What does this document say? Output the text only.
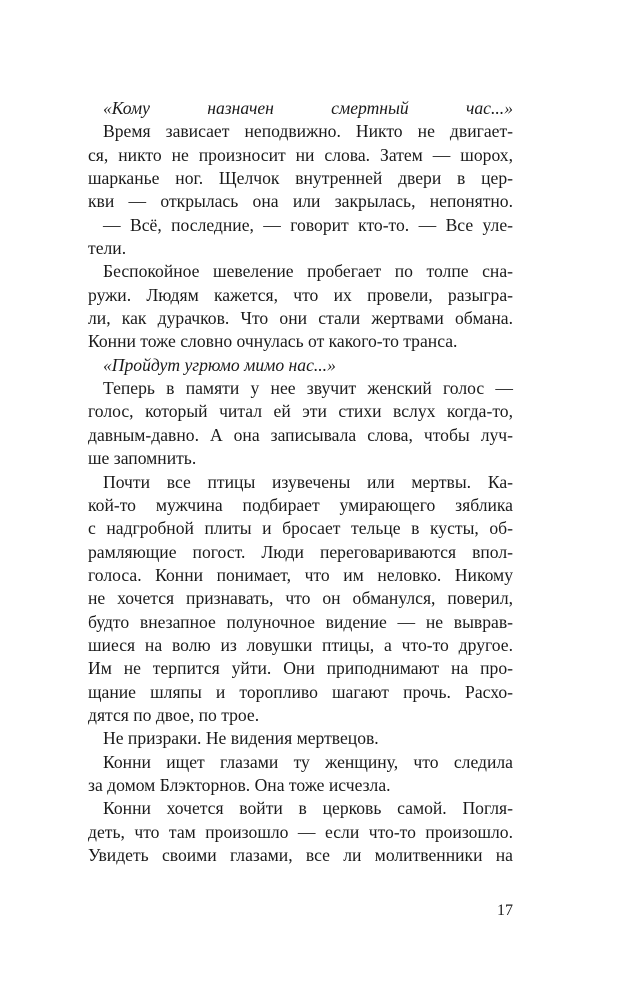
«Кому назначен смертный час...»
Время зависает неподвижно. Никто не двигает-
ся, никто не произносит ни слова. Затем — шорох,
шарканье ног. Щелчок внутренней двери в цер-
кви — открылась она или закрылась, непонятно.
— Всё, последние, — говорит кто-то. — Все уле-
тели.
Беспокойное шевеление пробегает по толпе сна-
ружи. Людям кажется, что их провели, разыгра-
ли, как дурачков. Что они стали жертвами обмана.
Конни тоже словно очнулась от какого-то транса.
«Пройдут угрюмо мимо нас...»
Теперь в памяти у нее звучит женский голос —
голос, который читал ей эти стихи вслух когда-то,
давным-давно. А она записывала слова, чтобы луч-
ше запомнить.
Почти все птицы изувечены или мертвы. Ка-
кой-то мужчина подбирает умирающего зяблика
с надгробной плиты и бросает тельце в кусты, об-
рамляющие погост. Люди переговариваются впол-
голоса. Конни понимает, что им неловко. Никому
не хочется признавать, что он обманулся, поверил,
будто внезапное полуночное видение — не выврав-
шиеся на волю из ловушки птицы, а что-то другое.
Им не терпится уйти. Они приподнимают на про-
щание шляпы и торопливо шагают прочь. Расхо-
дятся по двое, по трое.
Не призраки. Не видения мертвецов.
Конни ищет глазами ту женщину, что следила
за домом Блэкторнов. Она тоже исчезла.
Конни хочется войти в церковь самой. Погля-
деть, что там произошло — если что-то произошло.
Увидеть своими глазами, все ли молитвенники на
17
